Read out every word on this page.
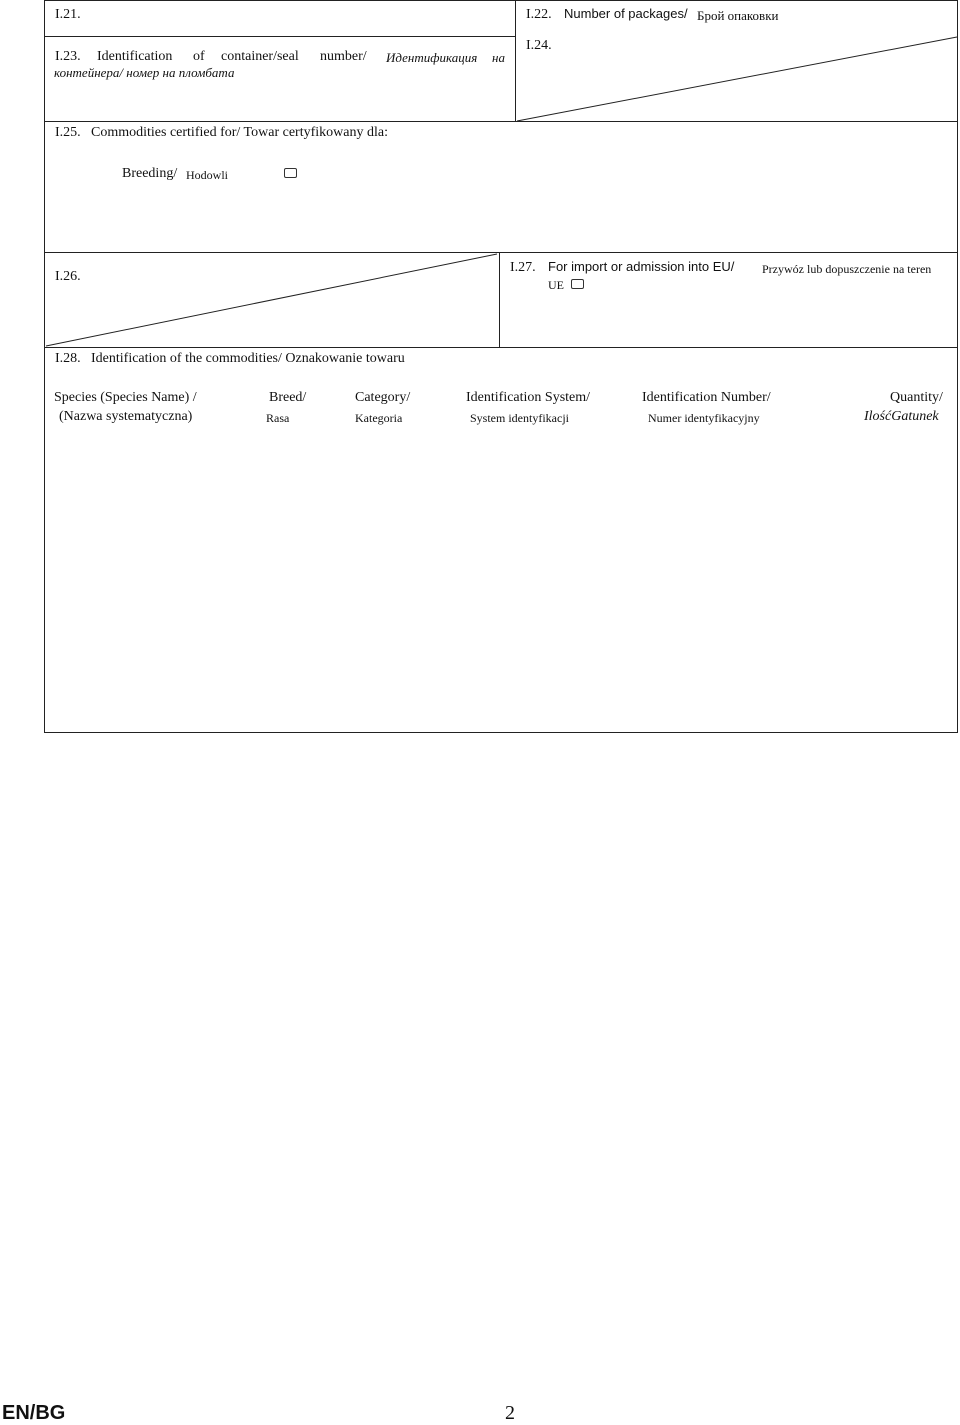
I.21.	I.22. Number of packages/ Брой опаковки
I.23. Identification of container/seal number/ Идентификация на
контейнера/ номер на пломбата
I.24.
I.25. Commodities certified for/ Towar certyfikowany dla:
Breeding/ Hodowli
I.26.
I.27. For import or admission into EU/ Przywóz lub dopuszczenie na teren
UE
I.28. Identification of the commodities/ Oznakowanie towaru
Species (Species Name) /
(Nazwa systematyczna)
Breed/
Rasa
Category/
Kategoria
Identification System/
System identyfikacji
Identification Number/
Numer identyfikacyjny
Quantity/
IlośćGatunek
EN/BG	2
